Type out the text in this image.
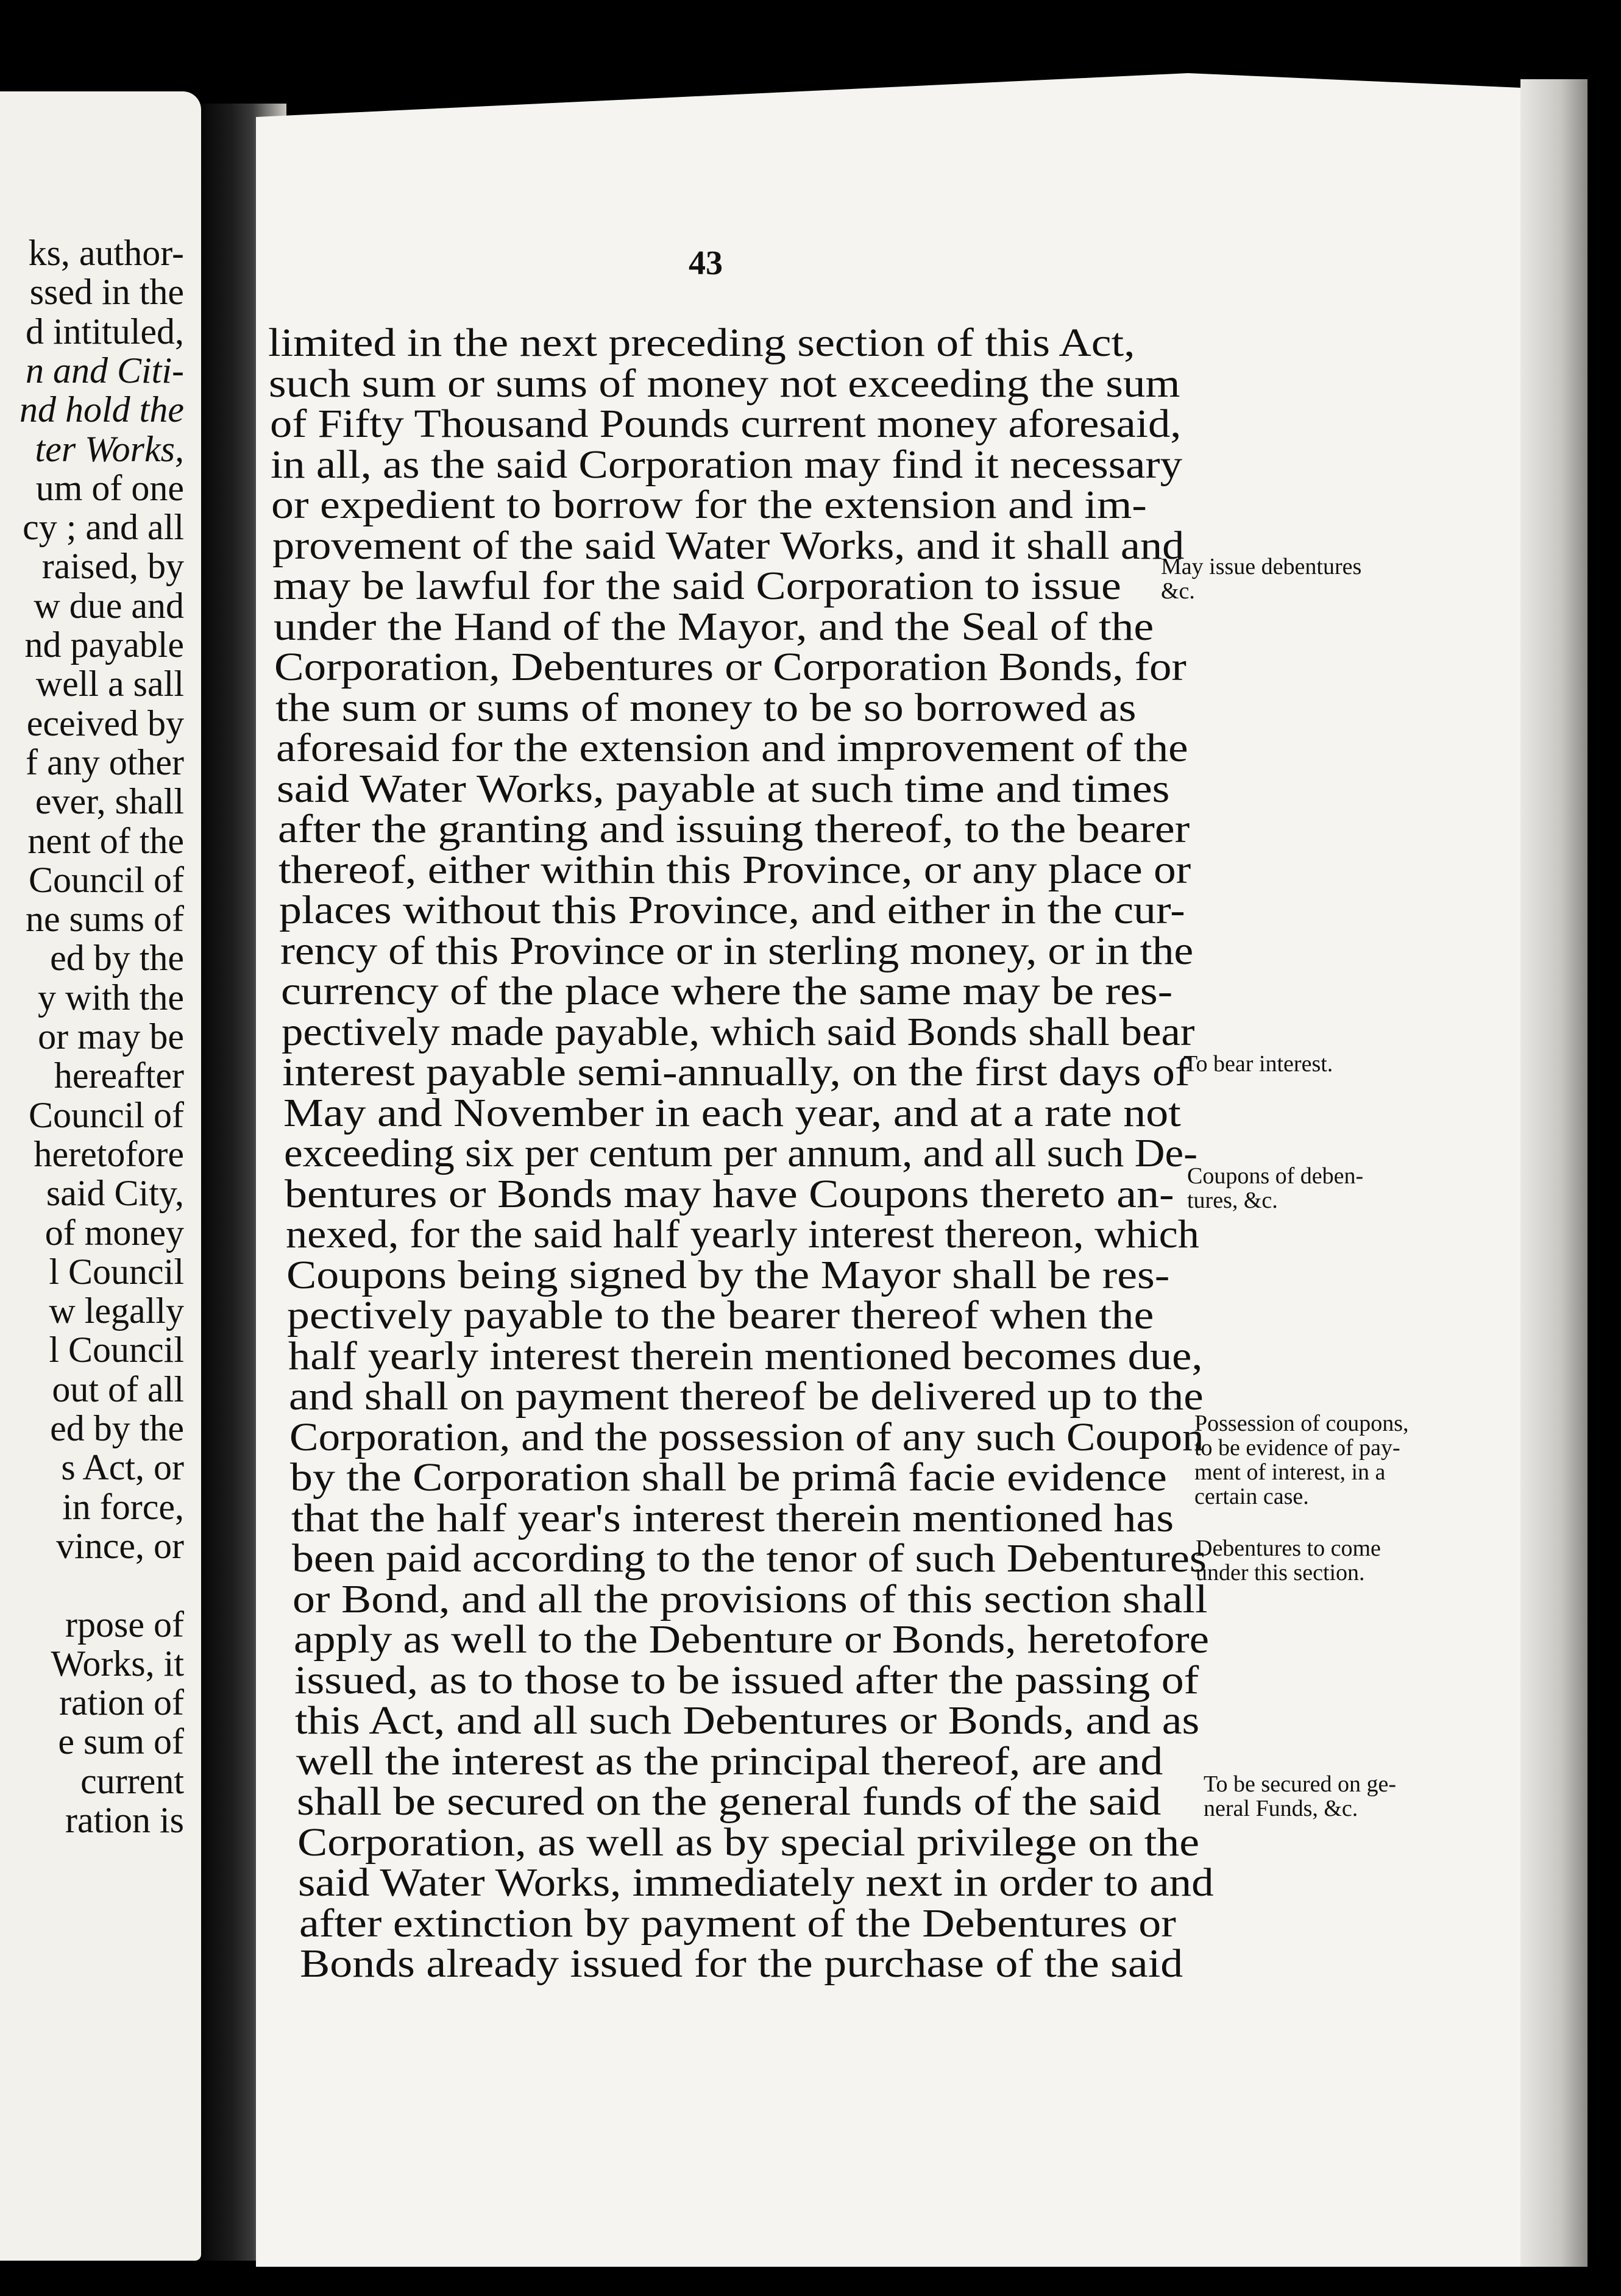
ks, author-
ssed in the
d intituled,
n and Citi-
nd hold the
ter Works,
um of one
cy ; and all
raised, by
w due and
nd payable
well a sall
eceived by
f any other
ever, shall
nent of the
Council of
ne sums of
ed by the
y with the
or may be
hereafter
Council of
heretofore
said City,
of money
l Council
w legally
l Council
out of all
ed by the
s Act, or
in force,
vince, or
rpose of
Works, it
ration of
e sum of
current
ration is
43
limited in the next preceding section of this Act,
such sum or sums of money not exceeding the sum
of Fifty Thousand Pounds current money aforesaid,
in all, as the said Corporation may find it necessary
or expedient to borrow for the extension and im-
provement of the said Water Works, and it shall and
may be lawful for the said Corporation to issue
under the Hand of the Mayor, and the Seal of the
Corporation, Debentures or Corporation Bonds, for
the sum or sums of money to be so borrowed as
aforesaid for the extension and improvement of the
said Water Works, payable at such time and times
after the granting and issuing thereof, to the bearer
thereof, either within this Province, or any place or
places without this Province, and either in the cur-
rency of this Province or in sterling money, or in the
currency of the place where the same may be res-
pectively made payable, which said Bonds shall bear
interest payable semi-annually, on the first days of
May and November in each year, and at a rate not
exceeding six per centum per annum, and all such De-
bentures or Bonds may have Coupons thereto an-
nexed, for the said half yearly interest thereon, which
Coupons being signed by the Mayor shall be res-
pectively payable to the bearer thereof when the
half yearly interest therein mentioned becomes due,
and shall on payment thereof be delivered up to the
Corporation, and the possession of any such Coupon
by the Corporation shall be primâ facie evidence
that the half year's interest therein mentioned has
been paid according to the tenor of such Debentures
or Bond, and all the provisions of this section shall
apply as well to the Debenture or Bonds, heretofore
issued, as to those to be issued after the passing of
this Act, and all such Debentures or Bonds, and as
well the interest as the principal thereof, are and
shall be secured on the general funds of the said
Corporation, as well as by special privilege on the
said Water Works, immediately next in order to and
after extinction by payment of the Debentures or
Bonds already issued for the purchase of the said
May issue debentures
&c.
To bear interest.
Coupons of deben-
tures, &c.
Possession of coupons,
to be evidence of pay-
ment of interest, in a
certain case.
Debentures to come
under this section.
To be secured on ge-
neral Funds, &c.
